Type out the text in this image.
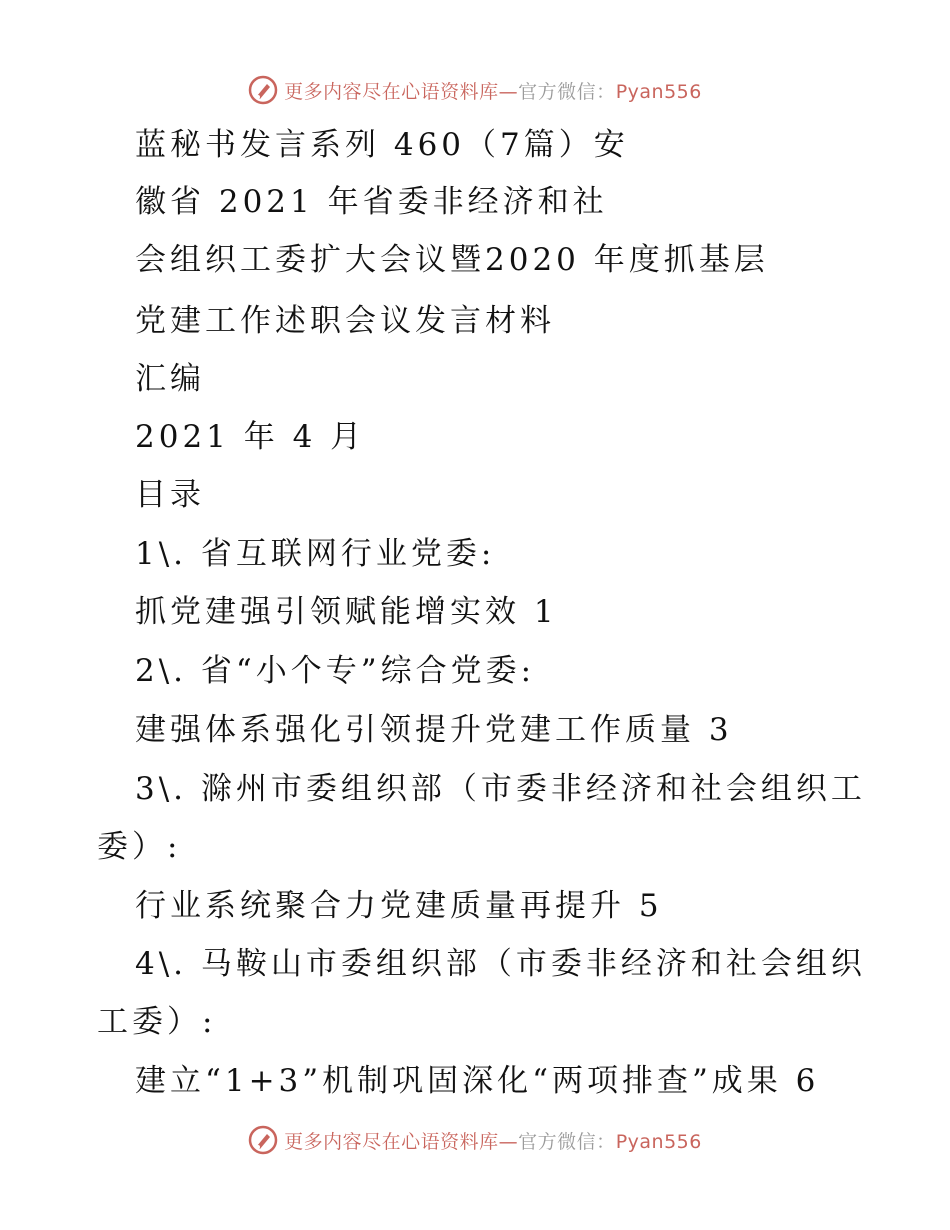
更多内容尽在心语资料库—官方微信：Pyan556
蓝秘书发言系列 460（7篇）安
徽省 2021 年省委非经济和社
会组织工委扩大会议暨2020 年度抓基层
党建工作述职会议发言材料
汇编
2021 年 4 月
目录
1\. 省互联网行业党委:
抓党建强引领赋能增实效 1
2\. 省“小个专”综合党委:
建强体系强化引领提升党建工作质量 3
3\. 滁州市委组织部（市委非经济和社会组织工
委）:
行业系统聚合力党建质量再提升 5
4\. 马鞍山市委组织部（市委非经济和社会组织
工委）:
建立“1+3”机制巩固深化“两项排查”成果 6
更多内容尽在心语资料库—官方微信：Pyan556
